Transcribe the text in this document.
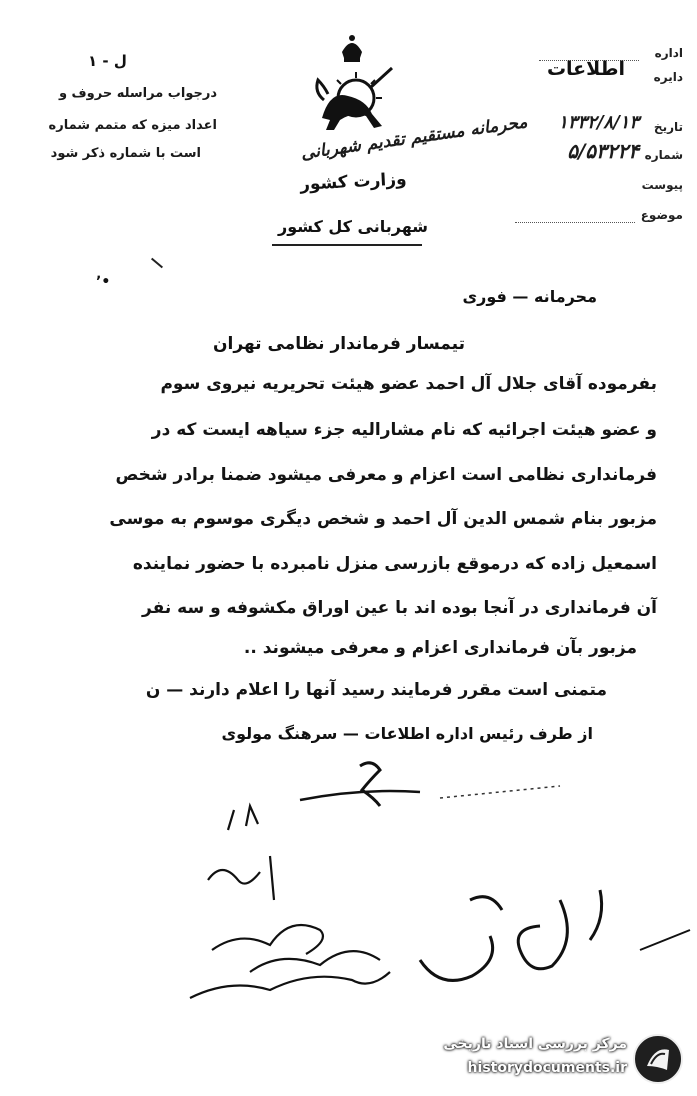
ل - ۱
درجواب مراسله حروف و
اعداد میزه که متمم شماره
است با شماره ذکر شود	محرمانه مستقیم تقدیم شهربانی
وزارت کشور
شهربانی کل کشور
اداره
دایره
اطلاعات
تاریخ
۱۳۳۲/۸/۱۳
شماره
۵/۵۳۲۲۴
پیوست
موضوع
٬•
محرمانه — فوری
تیمسار فرماندار نظامی تهران
بفرموده آقای جلال آل احمد عضو هیئت تحریریه نیروی سوم
و عضو هیئت اجرائیه که نام مشارالیه جزء سیاهه ایست که در
فرمانداری نظامی است اعزام و معرفی میشود ضمنا برادر شخص
مزبور بنام شمس الدین آل احمد و شخص دیگری موسوم به موسی
اسمعیل زاده که درموقع بازرسی منزل نامبرده با حضور نماینده
آن فرمانداری در آنجا بوده اند با عین اوراق مکشوفه و سه نفر
مزبور بآن فرمانداری اعزام و معرفی میشوند ..
متمنی است مقرر فرمایند رسید آنها را اعلام دارند — ن
از طرف رئیس اداره اطلاعات — سرهنگ مولوی
مرکز بررسی اسناد تاریخی
historydocuments.ir
